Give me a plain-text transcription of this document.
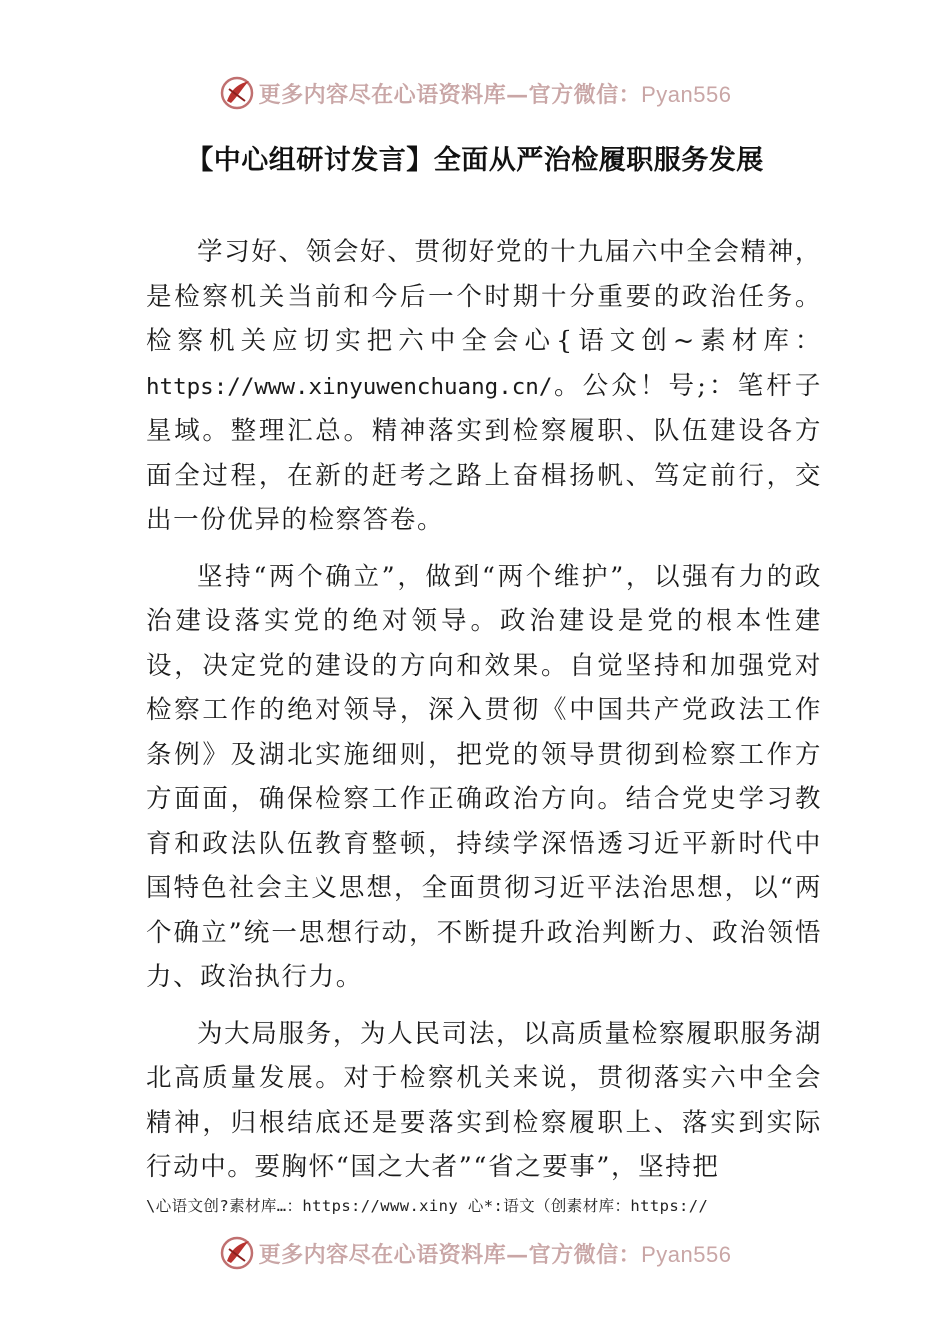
更多内容尽在心语资料库—官方微信：Pyan556
【中心组研讨发言】全面从严治检履职服务发展

学习好、领会好、贯彻好党的十九届六中全会精神，是检察机关当前和今后一个时期十分重要的政治任务。检察机关应切实把六中全会心{语文创~素材库：https://www.xinyuwenchuang.cn/。公众！号;：笔杆子星域。整理汇总。精神落实到检察履职、队伍建设各方面全过程，在新的赶考之路上奋楫扬帆、笃定前行，交出一份优异的检察答卷。

坚持“两个确立”，做到“两个维护”，以强有力的政治建设落实党的绝对领导。政治建设是党的根本性建设，决定党的建设的方向和效果。自觉坚持和加强党对检察工作的绝对领导，深入贯彻《中国共产党政法工作条例》及湖北实施细则，把党的领导贯彻到检察工作方方面面，确保检察工作正确政治方向。结合党史学习教育和政法队伍教育整顿，持续学深悟透习近平新时代中国特色社会主义思想，全面贯彻习近平法治思想，以“两个确立”统一思想行动，不断提升政治判断力、政治领悟力、政治执行力。

为大局服务，为人民司法，以高质量检察履职服务湖北高质量发展。对于检察机关来说，贯彻落实六中全会精神，归根结底还是要落实到检察履职上、落实到实际行动中。要胸怀“国之大者”“省之要事”，坚持把

\心语文创?素材库…：https://www.xiny 心*:语文（创素材库：https://
更多内容尽在心语资料库—官方微信：Pyan556
